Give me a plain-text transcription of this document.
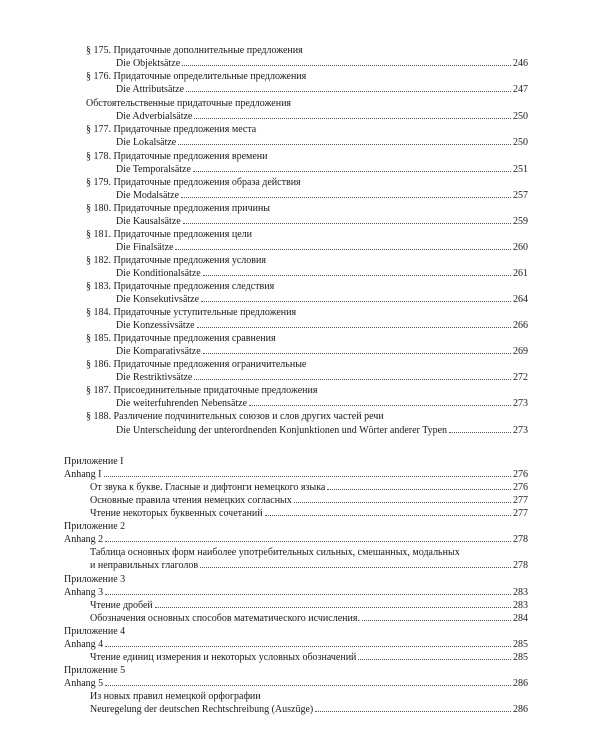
§ 175. Придаточные дополнительные предложения
Die Objektsätze	246
§ 176. Придаточные определительные предложения
Die Attributsätze	247
Обстоятельственные придаточные предложения
Die Adverbialsätze	250
§ 177. Придаточные предложения места
Die Lokalsätze	250
§ 178. Придаточные предложения времени
Die Temporalsätze	251
§ 179. Придаточные предложения образа действия
Die Modalsätze	257
§ 180. Придаточные предложения причины
Die Kausalsätze	259
§ 181. Придаточные предложения цели
Die Finalsätze	260
§ 182. Придаточные предложения условия
Die Konditionalsätze	261
§ 183. Придаточные предложения следствия
Die Konsekutivsätze	264
§ 184. Придаточные уступительные предложения
Die Konzessivsätze	266
§ 185. Придаточные предложения сравнения
Die Komparativsätze	269
§ 186. Придаточные предложения ограничительные
Die Restriktivsätze	272
§ 187. Присоединительные придаточные предложения
Die weiterfuhrenden Nebensätze	273
§ 188. Различение подчинительных союзов и слов других частей речи
Die Unterscheidung der unterordnenden Konjunktionen und Wörter anderer Typen	273
Приложение I
Anhang I	276
От звука к букве. Гласные и дифтонги немецкого языка	276
Основные правила чтения немецких согласных	277
Чтение некоторых буквенных сочетаний	277
Приложение 2
Anhang 2	278
Таблица основных форм наиболее употребительных сильных, смешанных, модальных
и неправильных глаголов	278
Приложение 3
Anhang 3	283
Чтение дробей	283
Обозначения основных способов математического исчисления.	284
Приложение 4
Anhang 4	285
Чтение единиц измерения и некоторых условных обозначений	285
Приложение 5
Anhang 5	286
Из новых правил немецкой орфографии
Neuregelung der deutschen Rechtschreibung (Auszüge)	286
